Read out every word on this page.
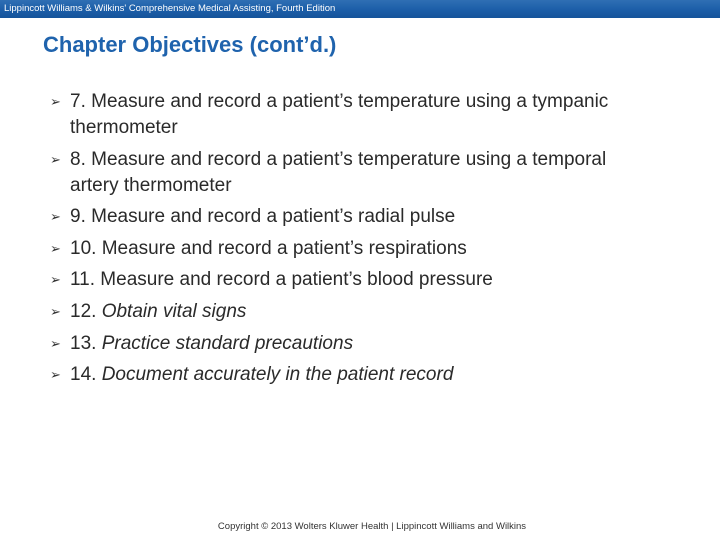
Lippincott Williams & Wilkins' Comprehensive Medical Assisting, Fourth Edition
Chapter Objectives (cont’d.)
➢ 7. Measure and record a patient’s temperature using a tympanic thermometer
➢ 8. Measure and record a patient’s temperature using a temporal artery thermometer
➢ 9. Measure and record a patient’s radial pulse
➢ 10. Measure and record a patient’s respirations
➢ 11. Measure and record a patient’s blood pressure
➢ 12. Obtain vital signs
➢ 13. Practice standard precautions
➢ 14. Document accurately in the patient record
Copyright © 2013 Wolters Kluwer Health | Lippincott Williams and Wilkins
